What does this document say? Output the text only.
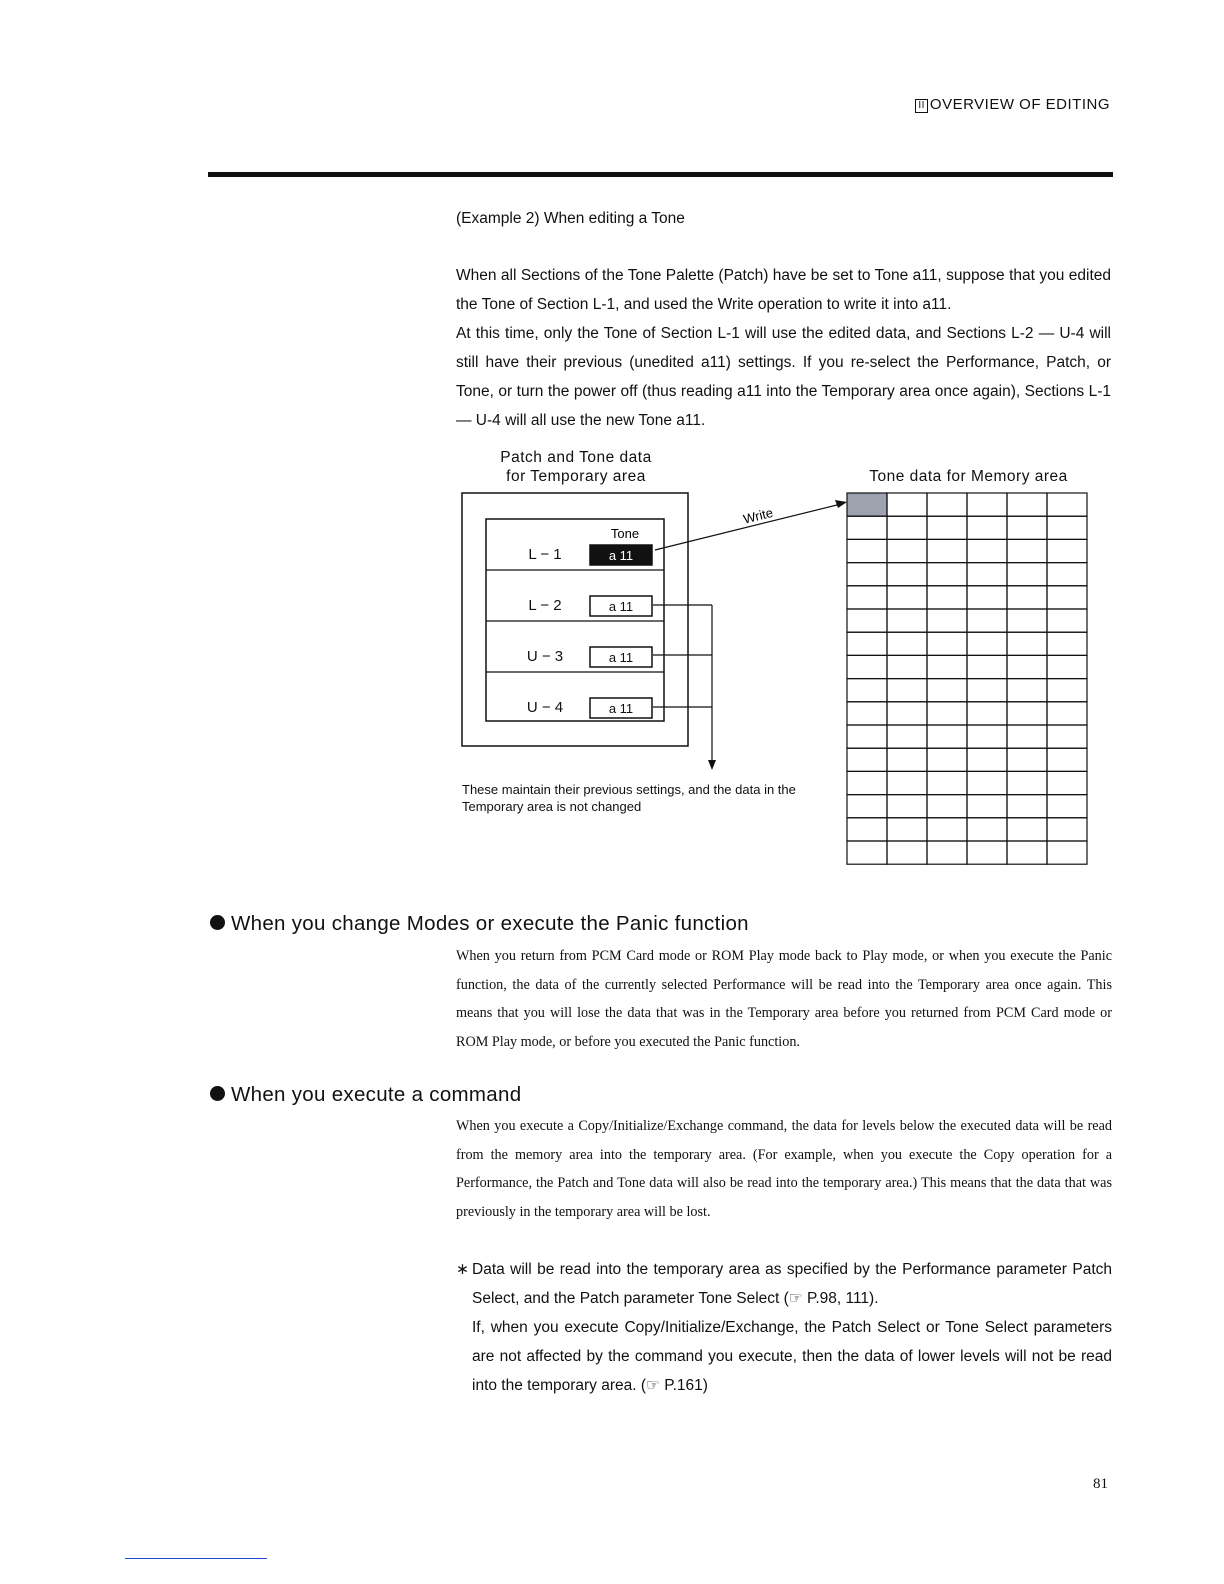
II OVERVIEW OF EDITING
(Example 2) When editing a Tone
When all Sections of the Tone Palette (Patch) have be set to Tone a11, suppose that you edited the Tone of Section L-1, and used the Write operation to write it into a11.
At this time, only the Tone of Section L-1 will use the edited data, and Sections L-2 — U-4 will still have their previous (unedited a11) settings. If you re-select the Performance, Patch, or Tone, or turn the power off (thus reading a11 into the Temporary area once again), Sections L-1 — U-4 will all use the new Tone a11.
Patch and Tone data
for Temporary area	Tone data for Memory area
Tone
L − 1	a 11
L − 2	a 11
U − 3	a 11
U − 4	a 11
Write
These maintain their previous settings, and the data in the Temporary area is not changed
When you change Modes or execute the Panic function
When you return from PCM Card mode or ROM Play mode back to Play mode, or when you execute the Panic function, the data of the currently selected Performance will be read into the Temporary area once again. This means that you will lose the data that was in the Temporary area before you returned from PCM Card mode or ROM Play mode, or before you executed the Panic function.
When you execute a command
When you execute a Copy/Initialize/Exchange command, the data for levels below the executed data will be read from the memory area into the temporary area. (For example, when you execute the Copy operation for a Performance, the Patch and Tone data will also be read into the temporary area.) This means that the data that was previously in the temporary area will be lost.
∗ Data will be read into the temporary area as specified by the Performance parameter Patch Select, and the Patch parameter Tone Select (☞ P.98, 111).
If, when you execute Copy/Initialize/Exchange, the Patch Select or Tone Select parameters are not affected by the command you execute, then the data of lower levels will not be read into the temporary area. (☞ P.161)
81
